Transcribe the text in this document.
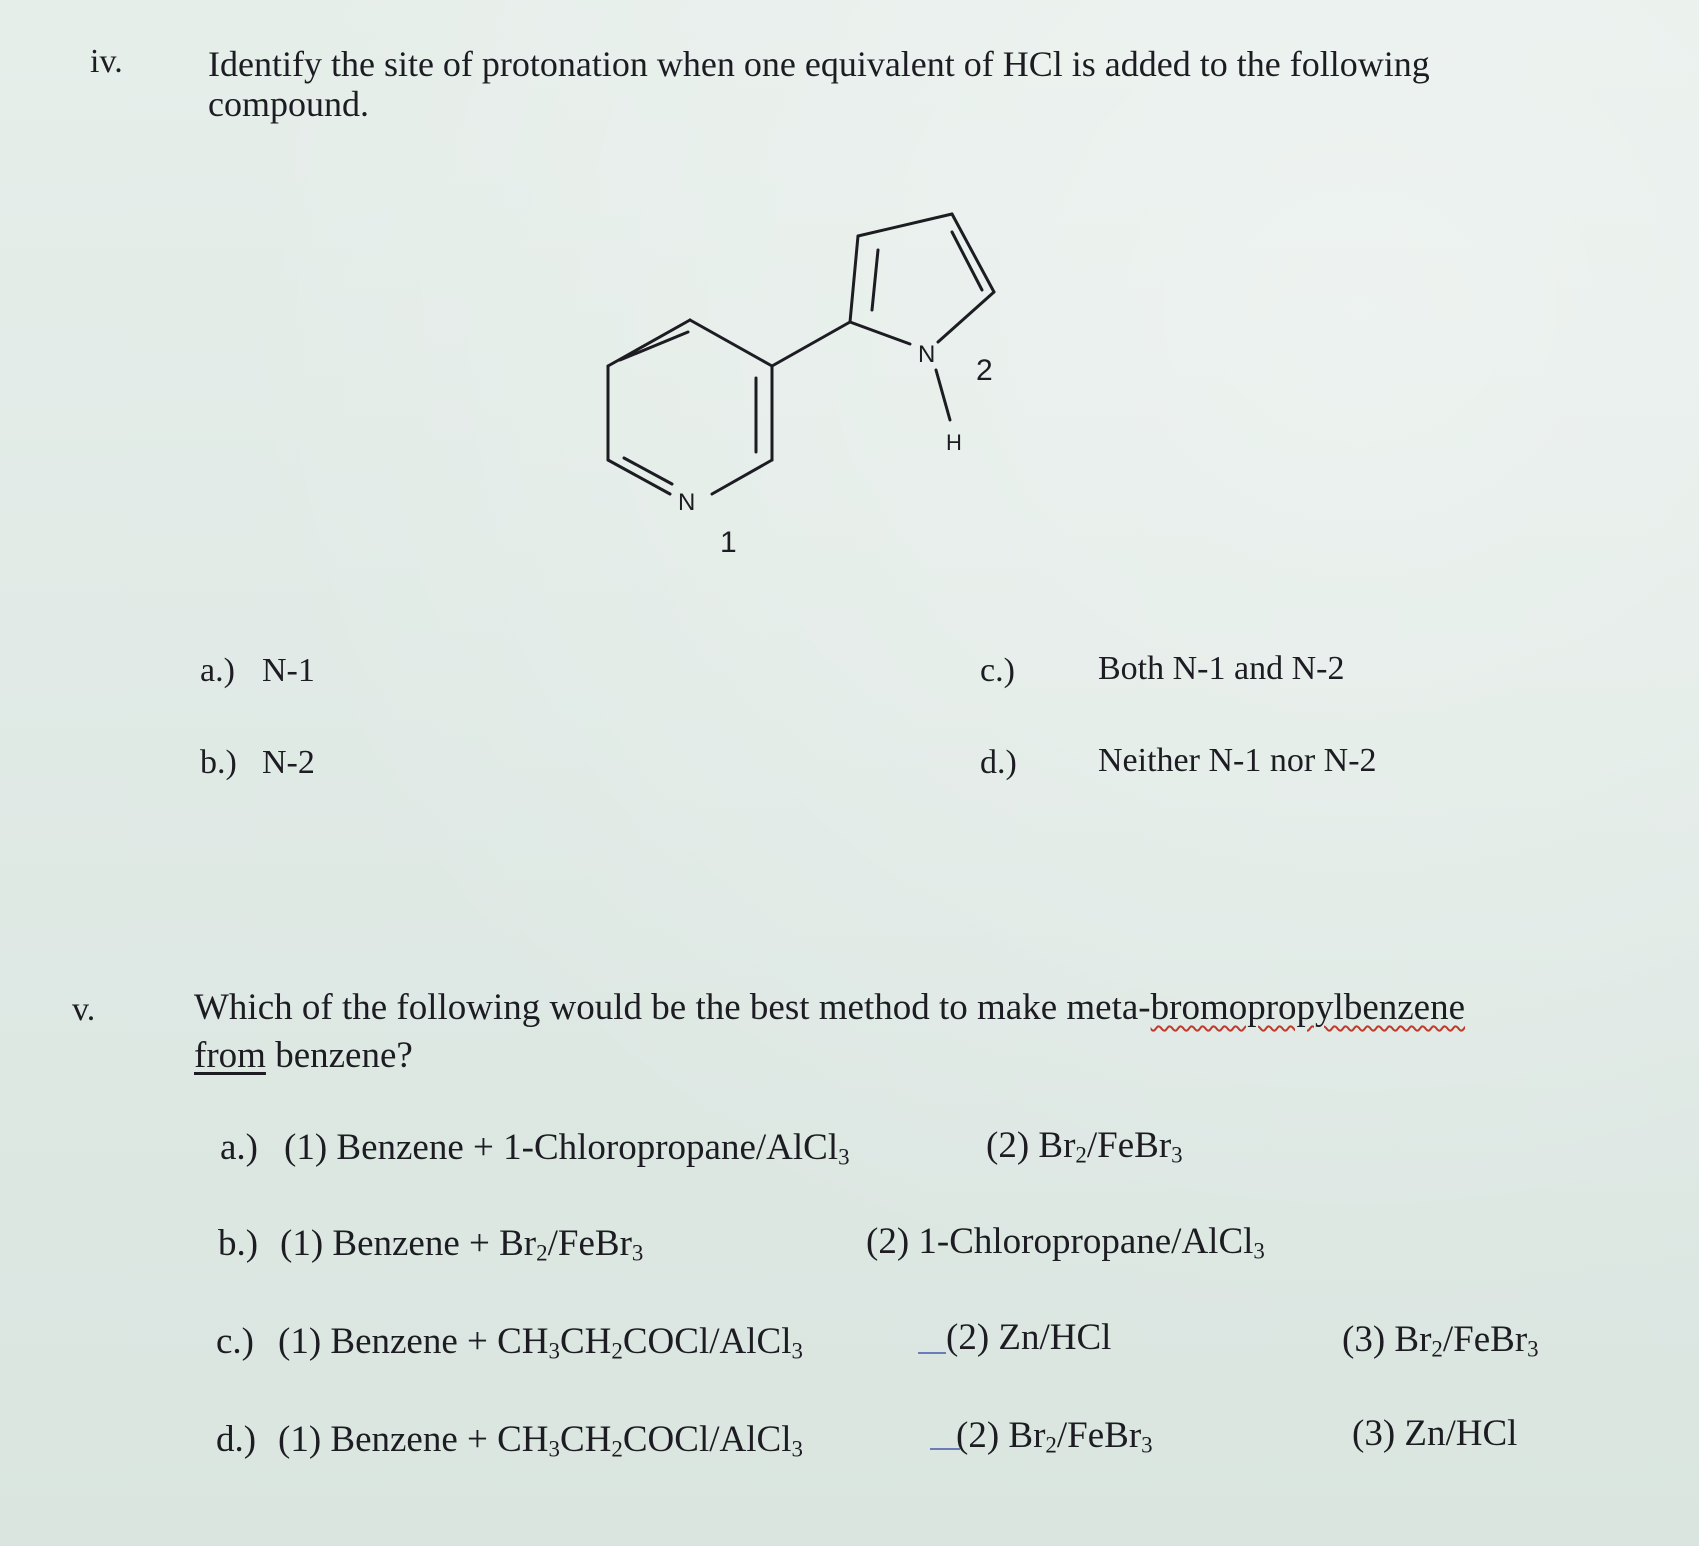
iv. Identify the site of protonation when one equivalent of HCl is added to the following
compound.
N
N
H
1
2
a.) N-1
b.) N-2
c.) Both N-1 and N-2
d.) Neither N-1 nor N-2
v.	Which of the following would be the best method to make meta-bromopropylbenzene
from benzene?
a.) (1) Benzene + 1-Chloropropane/AlCl$_3$	(2) $Br_2/FeBr_3$
b.) (1) Benzene + $Br_2/FeBr_3$	(2) 1-Chloropropane/AlCl$_3$
c.) (1) Benzene + $CH_3CH_2COCl/AlCl_3$	(2) Zn/HCl	(3) $Br_2/FeBr_3$
d.) (1) Benzene + $CH_3CH_2COCl/AlCl_3$	(2) $Br_2/FeBr_3$	(3) Zn/HCl
